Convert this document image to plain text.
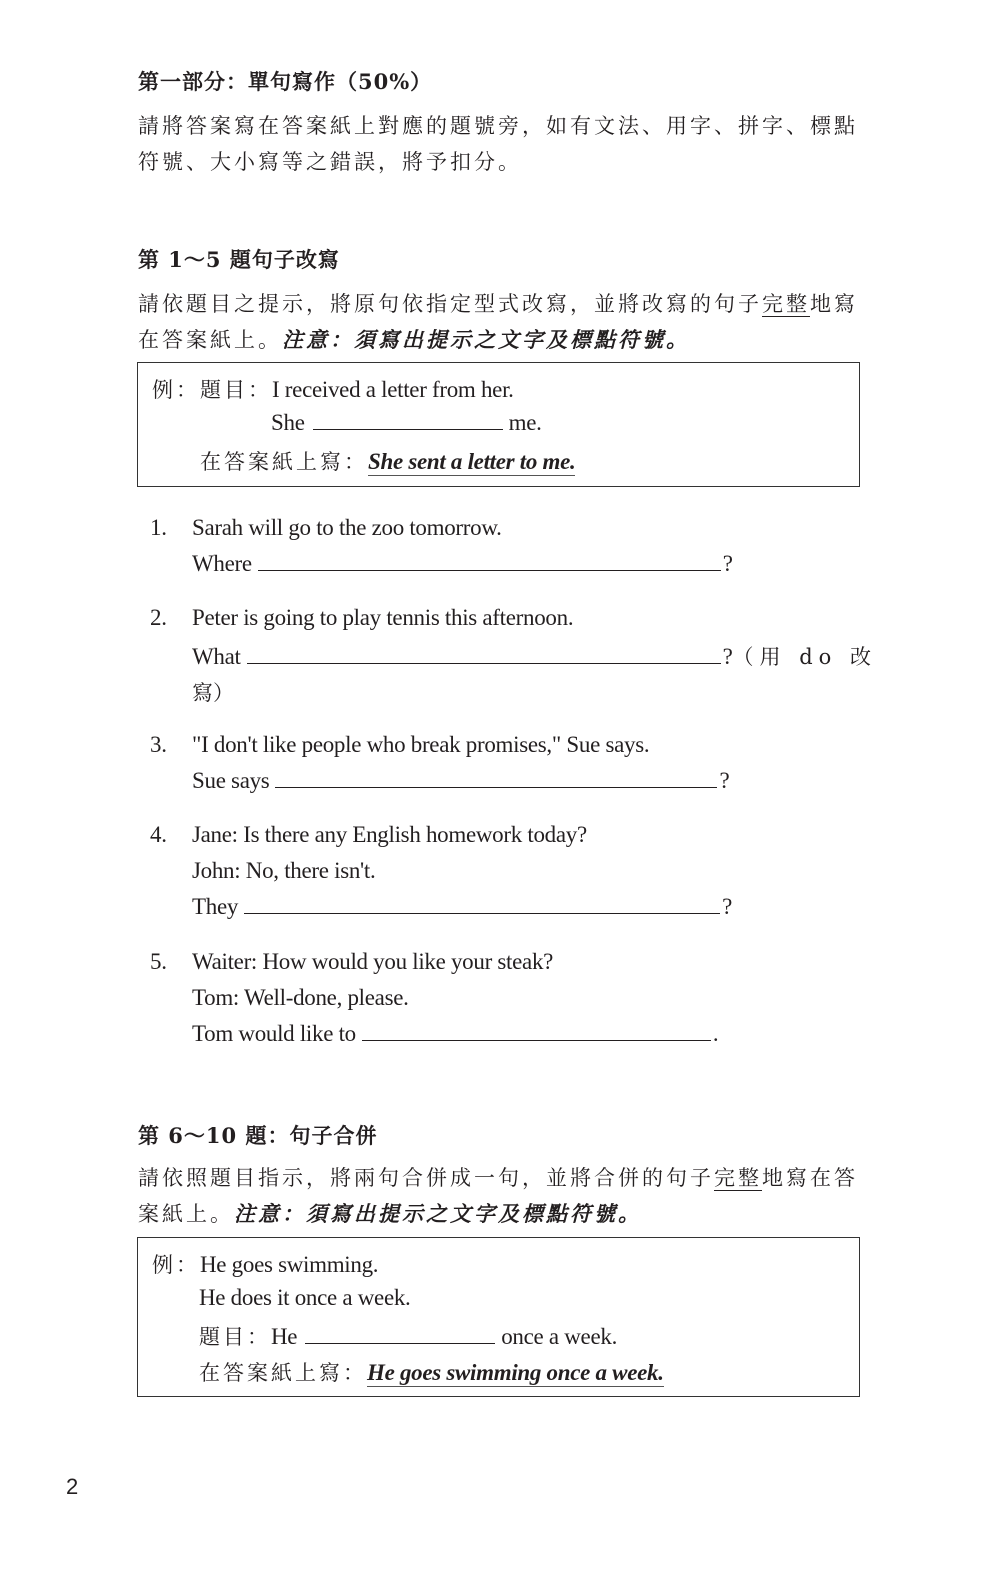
第一部分：單句寫作（50%）
請將答案寫在答案紙上對應的題號旁，如有文法、用字、拼字、標點
符號、大小寫等之錯誤，將予扣分。
第 1～5 題句子改寫
請依題目之提示，將原句依指定型式改寫，並將改寫的句子完整地寫
在答案紙上。注意：須寫出提示之文字及標點符號。
例：題目：I received a letter from her.
She	me.
在答案紙上寫：She sent a letter to me.
1. Sarah will go to the zoo tomorrow.
Where	?
2. Peter is going to play tennis this afternoon.
What	?（用 do 改
寫）
3. "I don't like people who break promises," Sue says.
Sue says	?
4. Jane: Is there any English homework today?
John: No, there isn't.
They	?
5. Waiter: How would you like your steak?
Tom: Well-done, please.
Tom would like to	.
第 6～10 題：句子合併
請依照題目指示，將兩句合併成一句，並將合併的句子完整地寫在答
案紙上。注意：須寫出提示之文字及標點符號。
例：He goes swimming.
He does it once a week.
題目：He	once a week.
在答案紙上寫：He goes swimming once a week.
2
